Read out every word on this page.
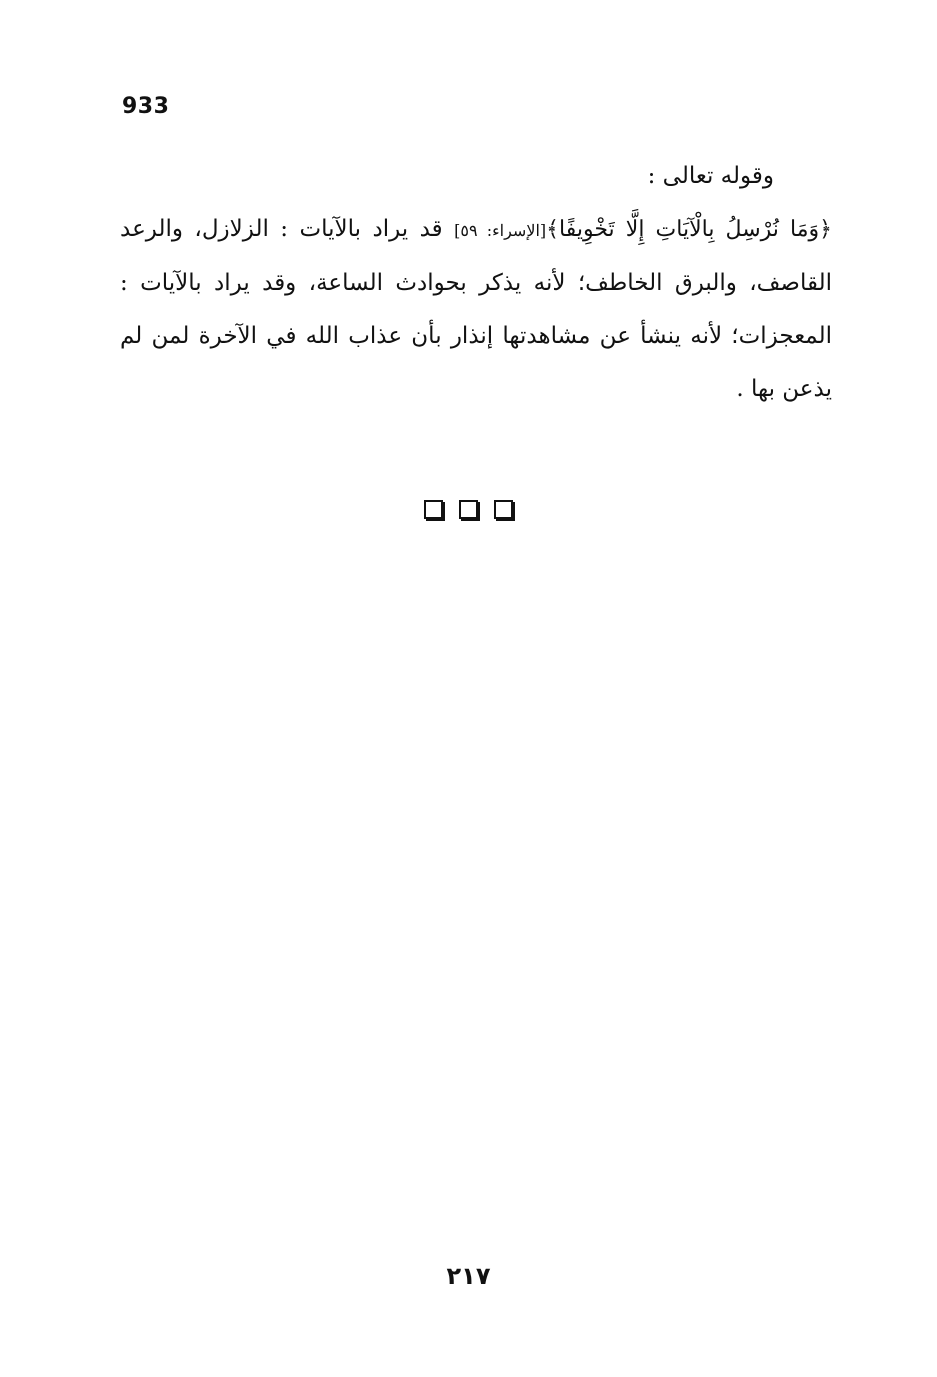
933

وقوله تعالى :

﴿وَمَا نُرْسِلُ بِالْآيَاتِ إِلَّا تَخْوِيفًا﴾[الإسراء: ٥٩] قد يراد بالآيات : الزلازل، والرعد القاصف، والبرق الخاطف؛ لأنه يذكر بحوادث الساعة، وقد يراد بالآيات : المعجزات؛ لأنه ينشأ عن مشاهدتها إنذار بأن عذاب الله في الآخرة لمن لم يذعن بها .

٢١٧
